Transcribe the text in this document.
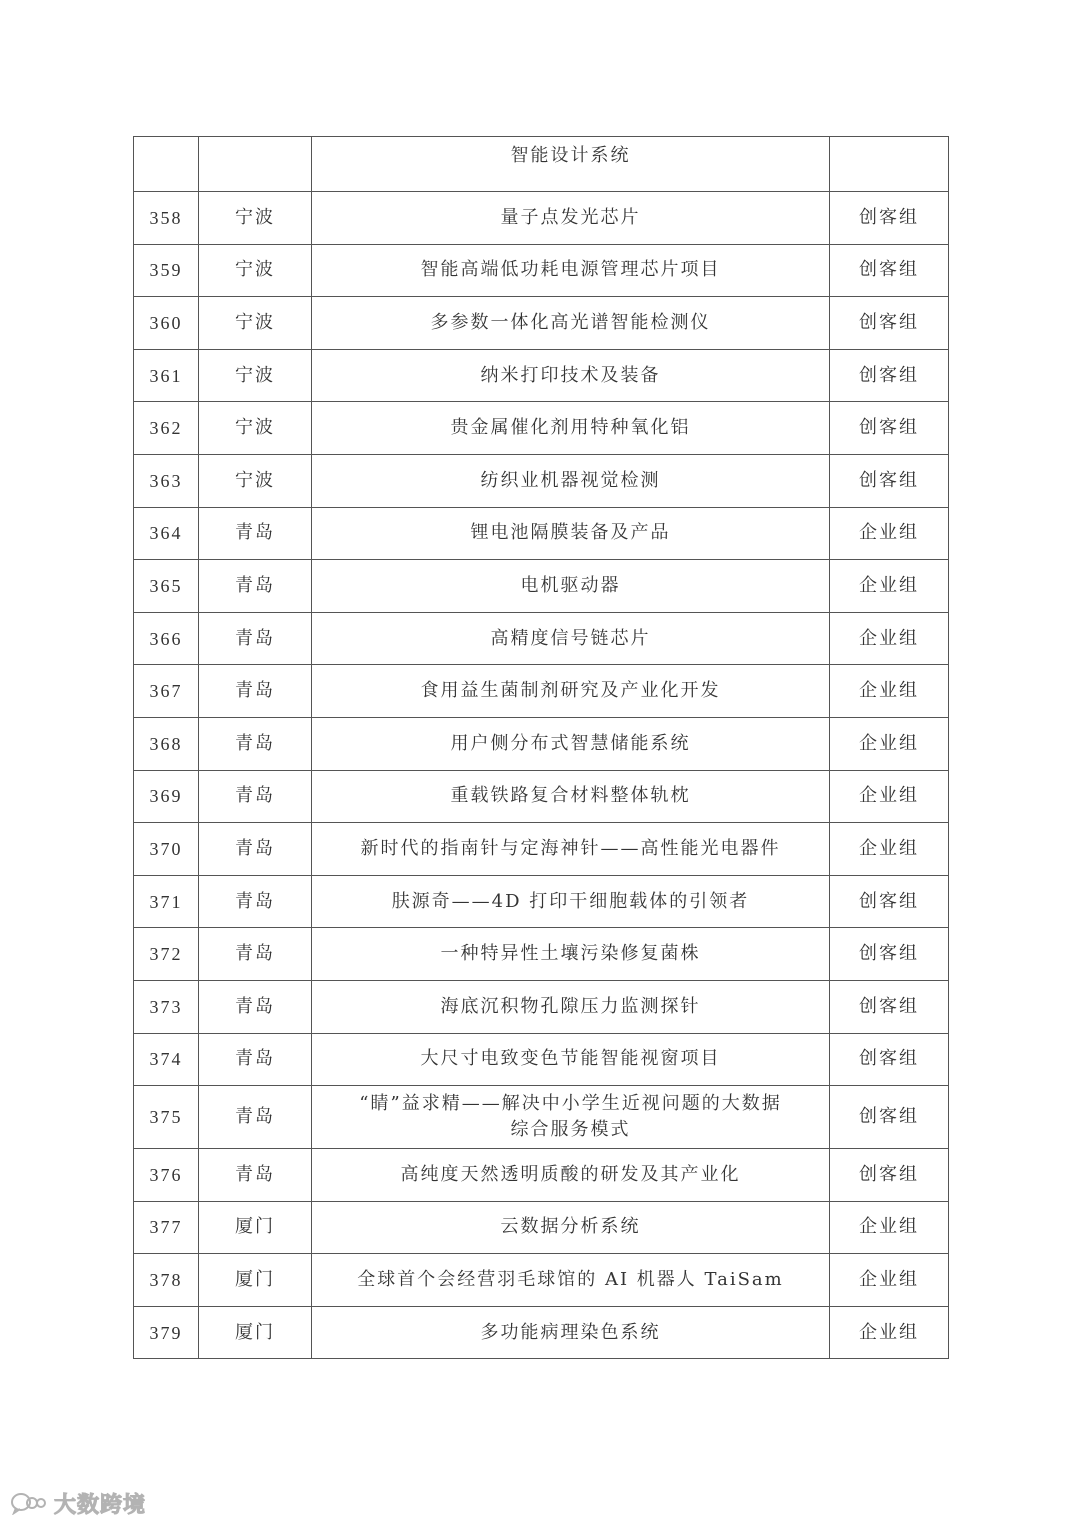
		智能设计系统	
358	宁波	量子点发光芯片	创客组
359	宁波	智能高端低功耗电源管理芯片项目	创客组
360	宁波	多参数一体化高光谱智能检测仪	创客组
361	宁波	纳米打印技术及装备	创客组
362	宁波	贵金属催化剂用特种氧化铝	创客组
363	宁波	纺织业机器视觉检测	创客组
364	青岛	锂电池隔膜装备及产品	企业组
365	青岛	电机驱动器	企业组
366	青岛	高精度信号链芯片	企业组
367	青岛	食用益生菌制剂研究及产业化开发	企业组
368	青岛	用户侧分布式智慧储能系统	企业组
369	青岛	重载铁路复合材料整体轨枕	企业组
370	青岛	新时代的指南针与定海神针——高性能光电器件	企业组
371	青岛	肤源奇——4D 打印干细胞载体的引领者	创客组
372	青岛	一种特异性土壤污染修复菌株	创客组
373	青岛	海底沉积物孔隙压力监测探针	创客组
374	青岛	大尺寸电致变色节能智能视窗项目	创客组
375	青岛	“睛”益求精——解决中小学生近视问题的大数据
综合服务模式	创客组
376	青岛	高纯度天然透明质酸的研发及其产业化	创客组
377	厦门	云数据分析系统	企业组
378	厦门	全球首个会经营羽毛球馆的 AI 机器人 TaiSam	企业组
379	厦门	多功能病理染色系统	企业组
大数跨境
